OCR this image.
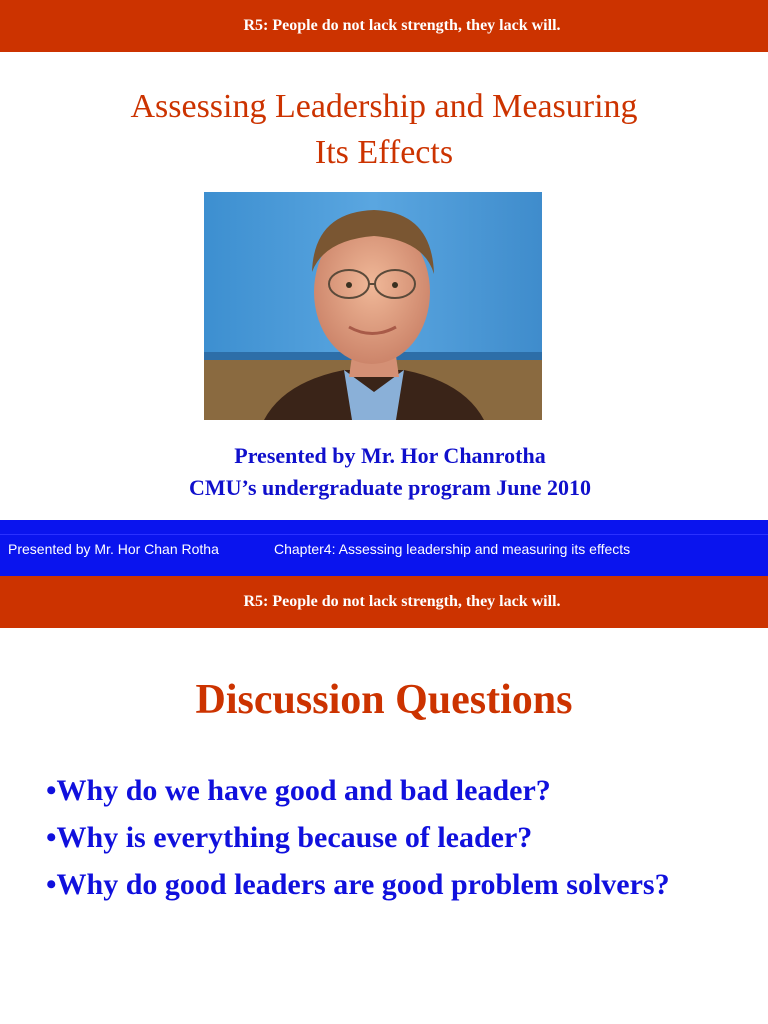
R5: People do not lack strength, they lack will.
Assessing Leadership and Measuring
Its Effects
Presented by Mr. Hor Chanrotha
CMU’s undergraduate program June 2010
Presented by Mr. Hor Chan Rotha	Chapter4: Assessing leadership and measuring its effects
R5: People do not lack strength, they lack will.
Discussion Questions
•Why do we have good and bad leader?
•Why is everything because of leader?
•Why do good leaders are good problem solvers?
